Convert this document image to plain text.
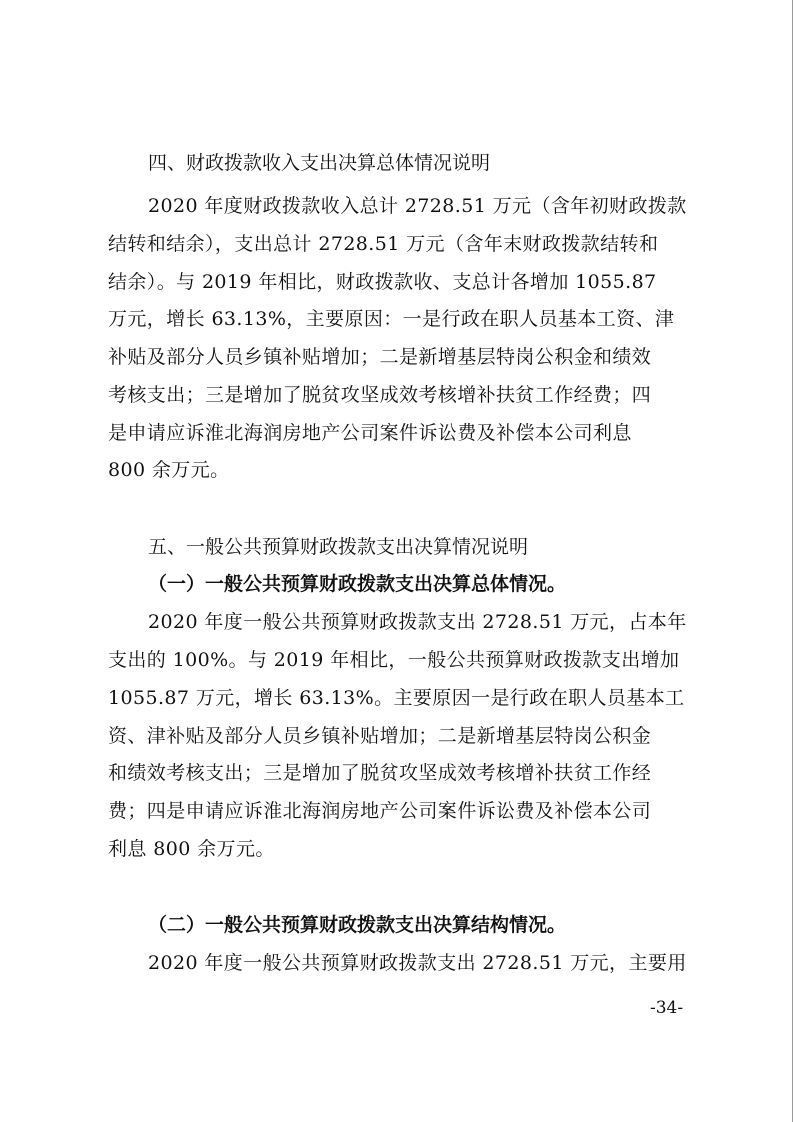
四、财政拨款收入支出决算总体情况说明
2020 年度财政拨款收入总计 2728.51 万元（含年初财政拨款
结转和结余），支出总计 2728.51 万元（含年末财政拨款结转和
结余）。与 2019 年相比，财政拨款收、支总计各增加 1055.87
万元，增长 63.13%，主要原因：一是行政在职人员基本工资、津
补贴及部分人员乡镇补贴增加；二是新增基层特岗公积金和绩效
考核支出；三是增加了脱贫攻坚成效考核增补扶贫工作经费；四
是申请应诉淮北海润房地产公司案件诉讼费及补偿本公司利息
800 余万元。
五、一般公共预算财政拨款支出决算情况说明
（一）一般公共预算财政拨款支出决算总体情况。
2020 年度一般公共预算财政拨款支出 2728.51 万元，占本年
支出的 100%。与 2019 年相比，一般公共预算财政拨款支出增加
1055.87 万元，增长 63.13%。主要原因一是行政在职人员基本工
资、津补贴及部分人员乡镇补贴增加；二是新增基层特岗公积金
和绩效考核支出；三是增加了脱贫攻坚成效考核增补扶贫工作经
费；四是申请应诉淮北海润房地产公司案件诉讼费及补偿本公司
利息 800 余万元。
（二）一般公共预算财政拨款支出决算结构情况。
2020 年度一般公共预算财政拨款支出 2728.51 万元，主要用
-34-
